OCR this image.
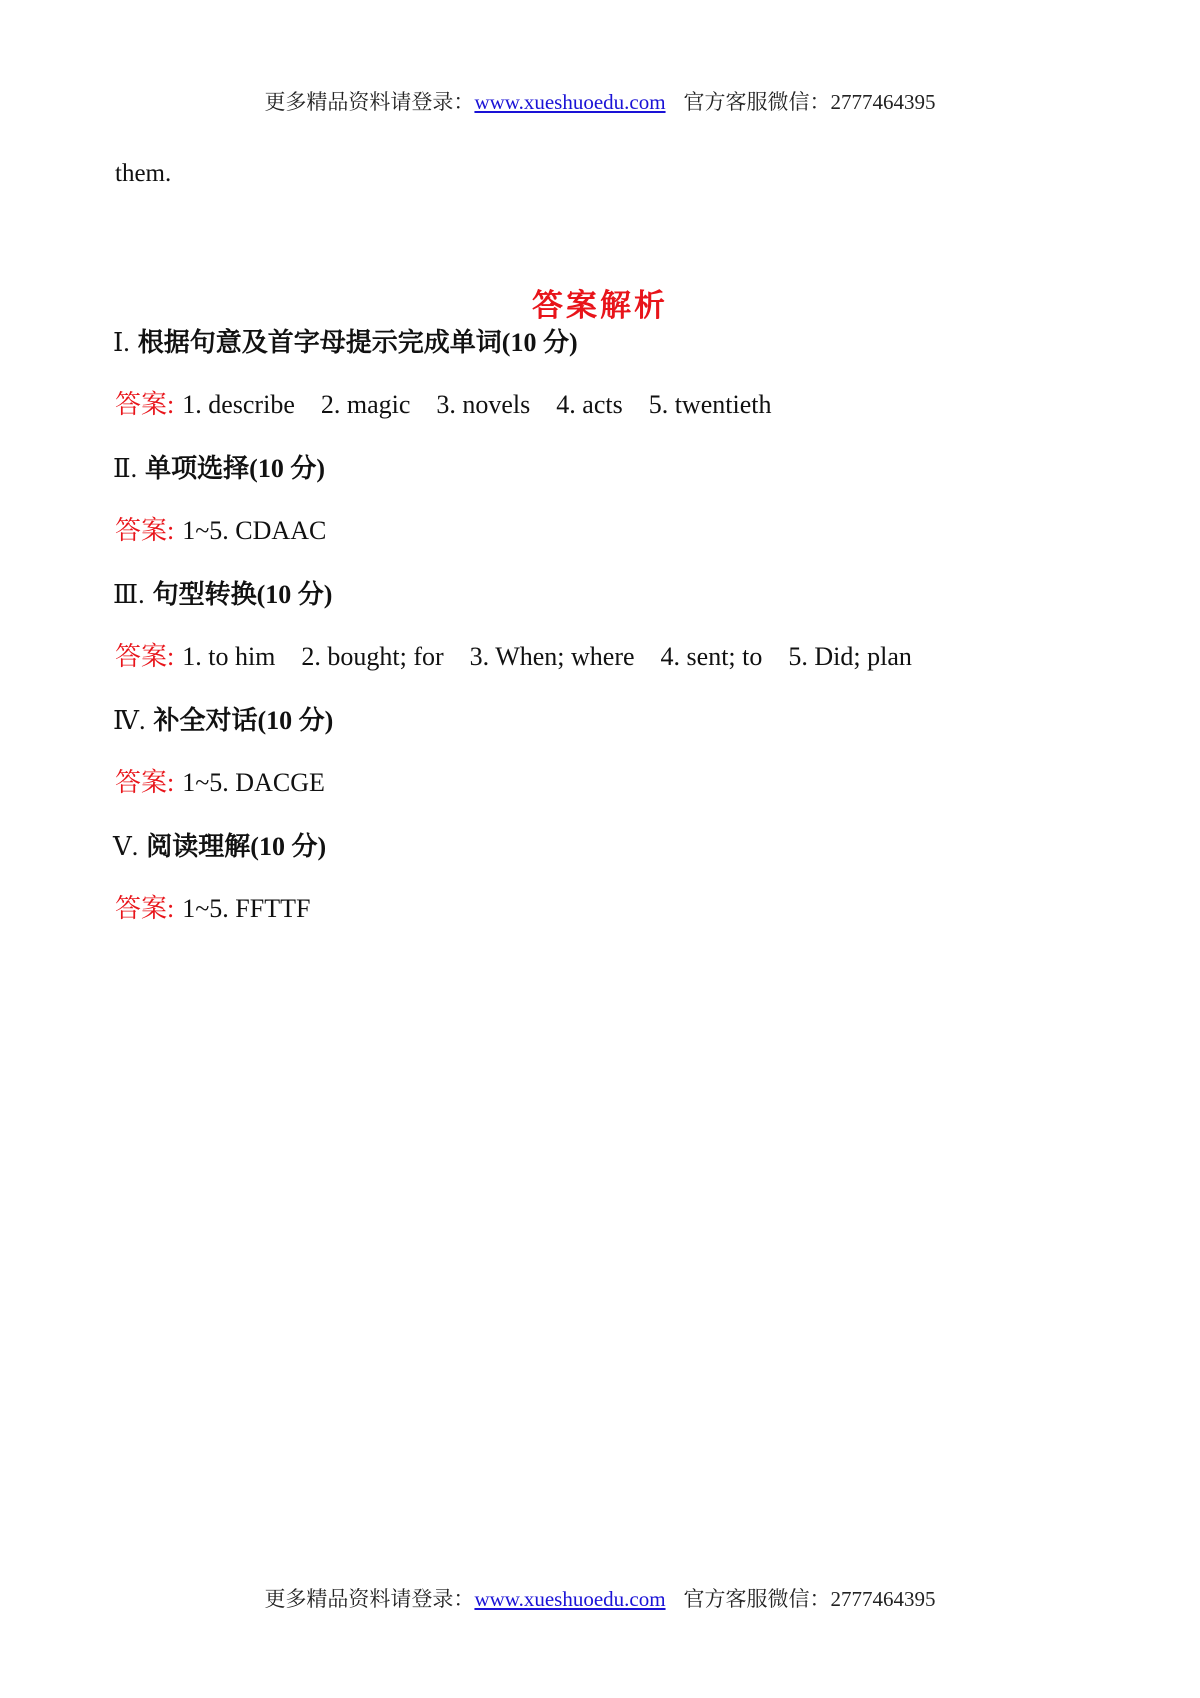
更多精品资料请登录：www.xueshuoedu.com 官方客服微信：2777464395
them.
答案解析
Ⅰ. 根据句意及首字母提示完成单词(10 分)
答案: 1. describe 2. magic 3. novels 4. acts 5. twentieth
Ⅱ. 单项选择(10 分)
答案: 1~5. CDAAC
Ⅲ. 句型转换(10 分)
答案: 1. to him 2. bought; for 3. When; where 4. sent; to 5. Did; plan
Ⅳ. 补全对话(10 分)
答案: 1~5. DACGE
Ⅴ. 阅读理解(10 分)
答案: 1~5. FFTTF
更多精品资料请登录：www.xueshuoedu.com 官方客服微信：2777464395
